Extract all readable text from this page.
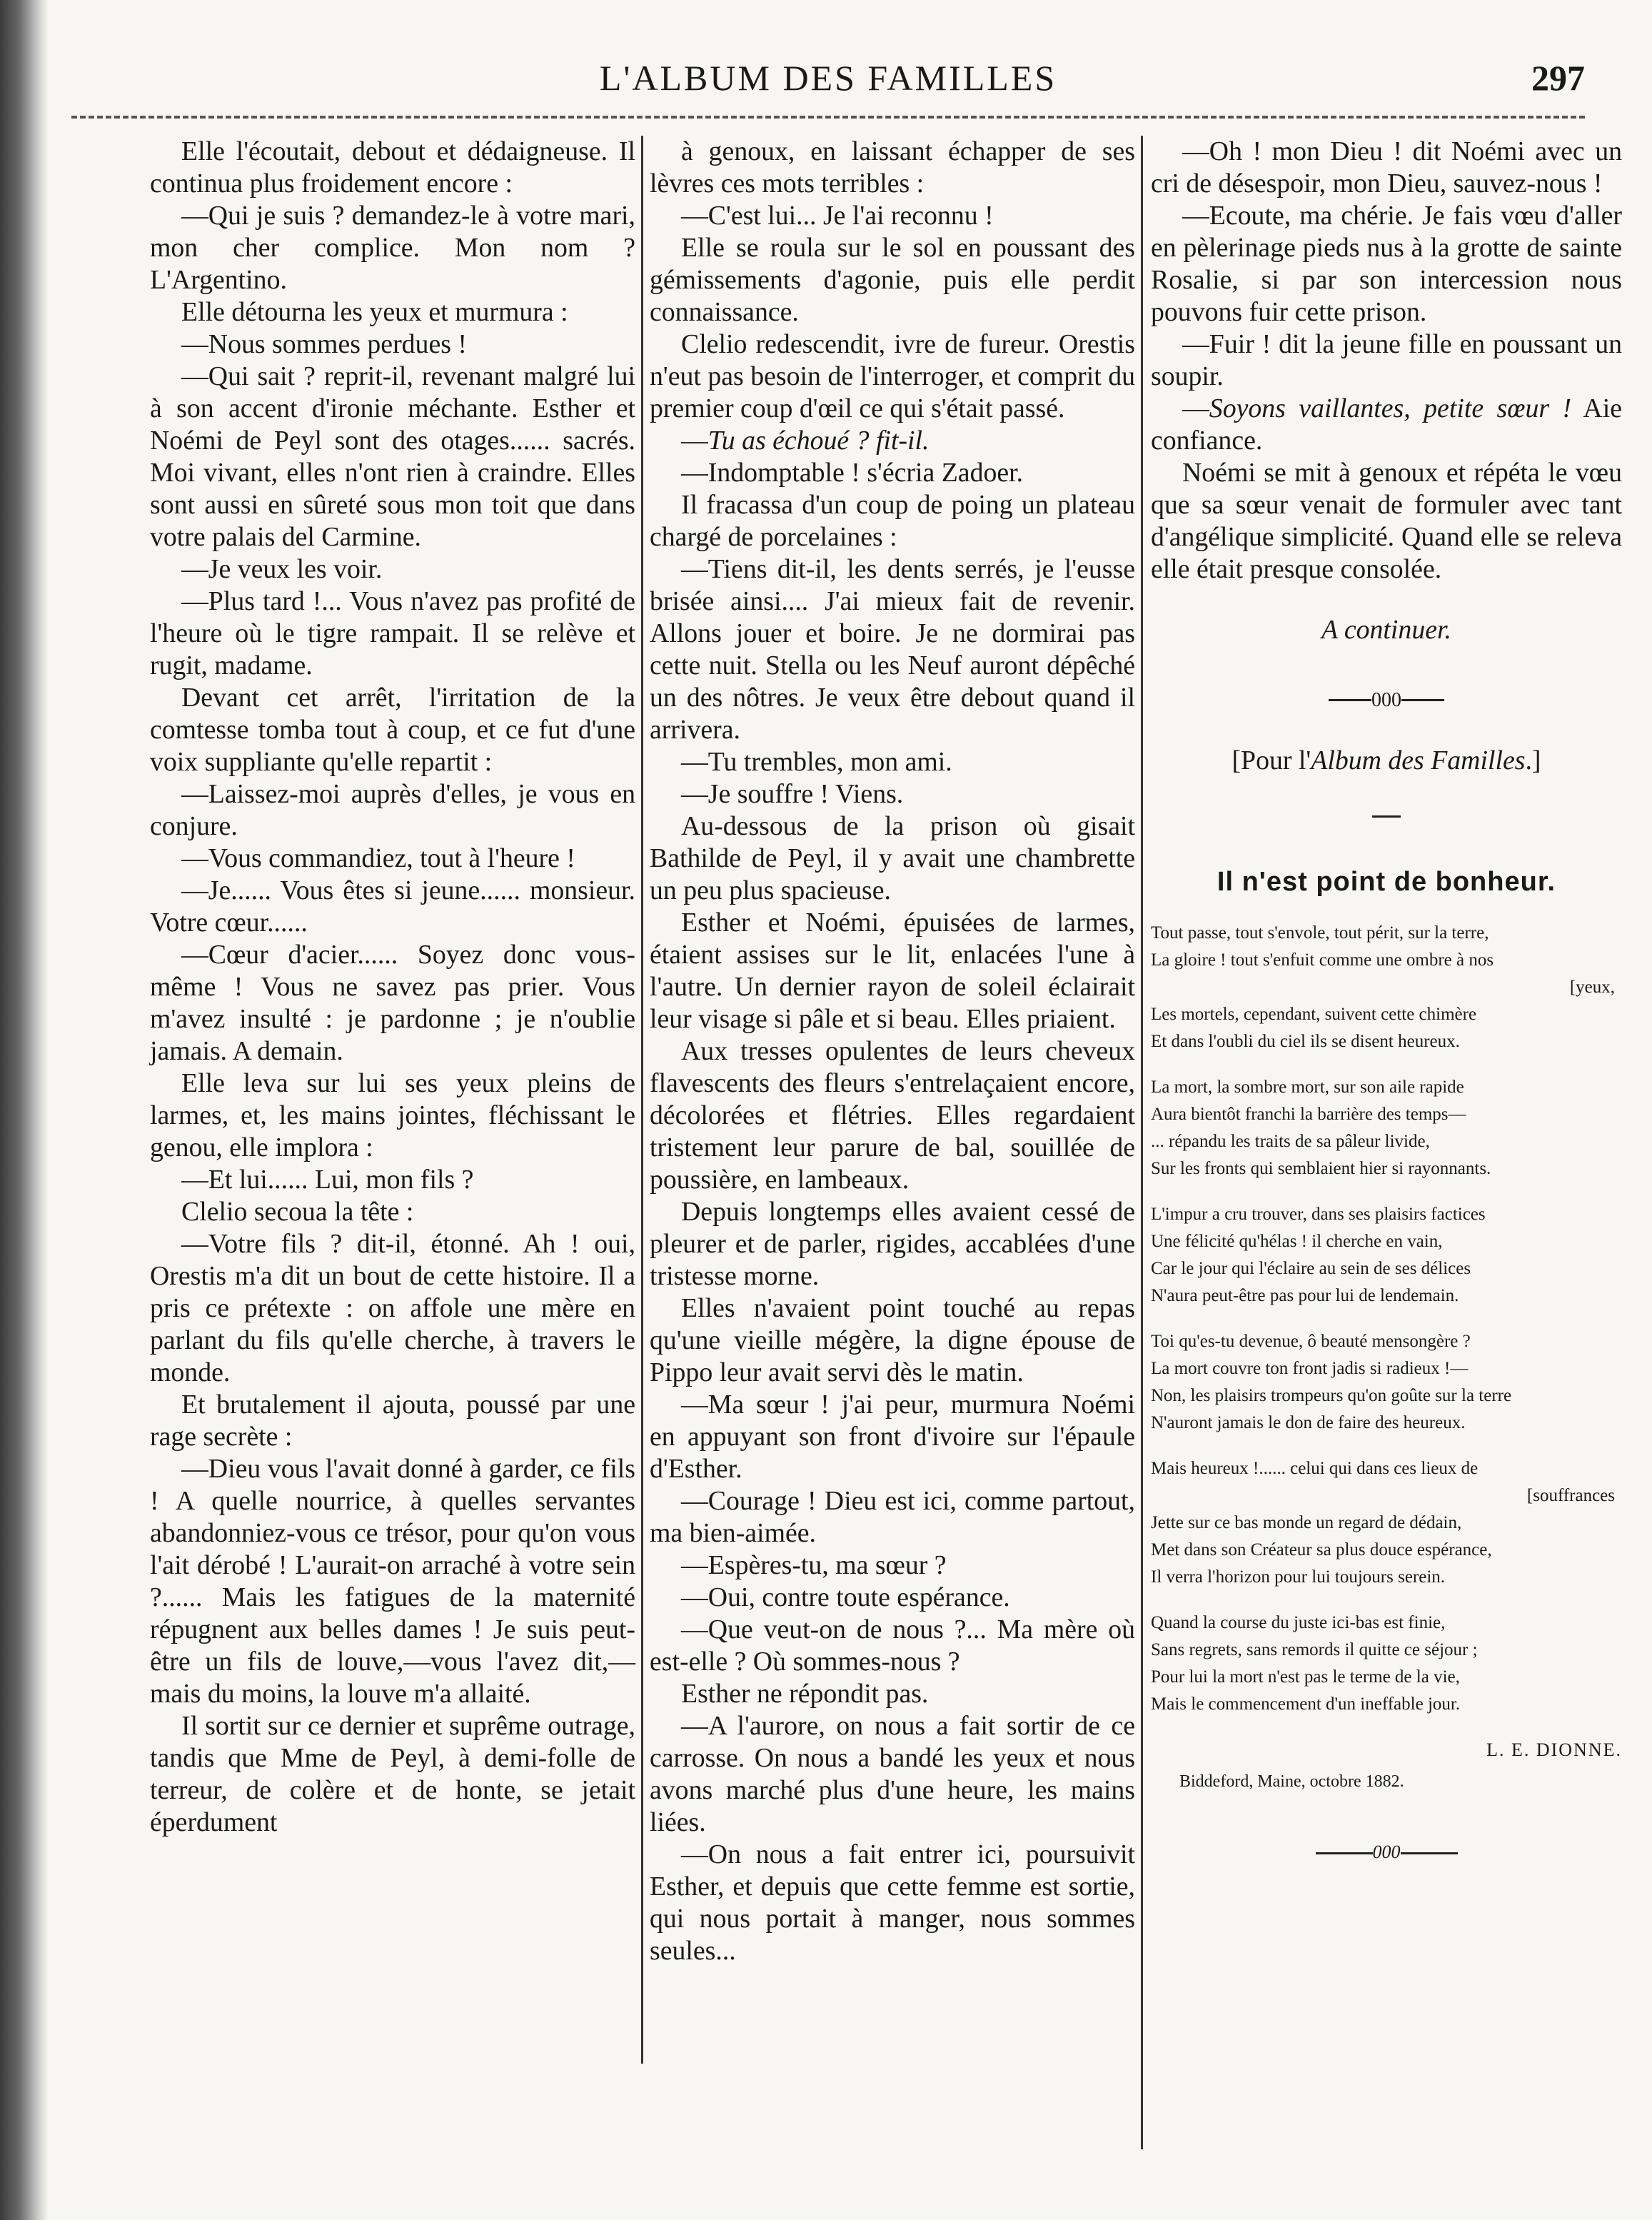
L'ALBUM DES FAMILLES	297

Elle l'écoutait, debout et dédaigneuse. Il continua plus froidement encore :

—Qui je suis ? demandez-le à votre mari, mon cher complice. Mon nom ? L'Argentino.

Elle détourna les yeux et murmura :

—Nous sommes perdues !

—Qui sait ? reprit-il, revenant malgré lui à son accent d'ironie méchante. Esther et Noémi de Peyl sont des otages...... sacrés. Moi vivant, elles n'ont rien à craindre. Elles sont aussi en sûreté sous mon toit que dans votre palais del Carmine.

—Je veux les voir.

—Plus tard !... Vous n'avez pas profité de l'heure où le tigre rampait. Il se relève et rugit, madame.

Devant cet arrêt, l'irritation de la comtesse tomba tout à coup, et ce fut d'une voix suppliante qu'elle repartit :

—Laissez-moi auprès d'elles, je vous en conjure.

—Vous commandiez, tout à l'heure !

—Je...... Vous êtes si jeune...... monsieur. Votre cœur......

—Cœur d'acier...... Soyez donc vous-même ! Vous ne savez pas prier. Vous m'avez insulté : je pardonne ; je n'oublie jamais. A demain.

Elle leva sur lui ses yeux pleins de larmes, et, les mains jointes, fléchissant le genou, elle implora :

—Et lui...... Lui, mon fils ?

Clelio secoua la tête :

—Votre fils ? dit-il, étonné. Ah ! oui, Orestis m'a dit un bout de cette histoire. Il a pris ce prétexte : on affole une mère en parlant du fils qu'elle cherche, à travers le monde.

Et brutalement il ajouta, poussé par une rage secrète :

—Dieu vous l'avait donné à garder, ce fils ! A quelle nourrice, à quelles servantes abandonniez-vous ce trésor, pour qu'on vous l'ait dérobé ! L'aurait-on arraché à votre sein ?...... Mais les fatigues de la maternité répugnent aux belles dames ! Je suis peut-être un fils de louve,—vous l'avez dit,—mais du moins, la louve m'a allaité.

Il sortit sur ce dernier et suprême outrage, tandis que Mme de Peyl, à demi-folle de terreur, de colère et de honte, se jetait éperdument

à genoux, en laissant échapper de ses lèvres ces mots terribles :

—C'est lui... Je l'ai reconnu !

Elle se roula sur le sol en poussant des gémissements d'agonie, puis elle perdit connaissance.

Clelio redescendit, ivre de fureur. Orestis n'eut pas besoin de l'interroger, et comprit du premier coup d'œil ce qui s'était passé.

—Tu as échoué ? fit-il.

—Indomptable ! s'écria Zadoer.

Il fracassa d'un coup de poing un plateau chargé de porcelaines :

—Tiens dit-il, les dents serrés, je l'eusse brisée ainsi.... J'ai mieux fait de revenir. Allons jouer et boire. Je ne dormirai pas cette nuit. Stella ou les Neuf auront dépêché un des nôtres. Je veux être debout quand il arrivera.

—Tu trembles, mon ami.

—Je souffre ! Viens.

Au-dessous de la prison où gisait Bathilde de Peyl, il y avait une chambrette un peu plus spacieuse.

Esther et Noémi, épuisées de larmes, étaient assises sur le lit, enlacées l'une à l'autre. Un dernier rayon de soleil éclairait leur visage si pâle et si beau. Elles priaient.

Aux tresses opulentes de leurs cheveux flavescents des fleurs s'entrelaçaient encore, décolorées et flétries. Elles regardaient tristement leur parure de bal, souillée de poussière, en lambeaux.

Depuis longtemps elles avaient cessé de pleurer et de parler, rigides, accablées d'une tristesse morne.

Elles n'avaient point touché au repas qu'une vieille mégère, la digne épouse de Pippo leur avait servi dès le matin.

—Ma sœur ! j'ai peur, murmura Noémi en appuyant son front d'ivoire sur l'épaule d'Esther.

—Courage ! Dieu est ici, comme partout, ma bien-aimée.

—Espères-tu, ma sœur ?

—Oui, contre toute espérance.

—Que veut-on de nous ?... Ma mère où est-elle ? Où sommes-nous ?

Esther ne répondit pas.

—A l'aurore, on nous a fait sortir de ce carrosse. On nous a bandé les yeux et nous avons marché plus d'une heure, les mains liées.

—On nous a fait entrer ici, poursuivit Esther, et depuis que cette femme est sortie, qui nous portait à manger, nous sommes seules...

—Oh ! mon Dieu ! dit Noémi avec un cri de désespoir, mon Dieu, sauvez-nous !

—Ecoute, ma chérie. Je fais vœu d'aller en pèlerinage pieds nus à la grotte de sainte Rosalie, si par son intercession nous pouvons fuir cette prison.

—Fuir ! dit la jeune fille en poussant un soupir.

—Soyons vaillantes, petite sœur ! Aie confiance.

Noémi se mit à genoux et répéta le vœu que sa sœur venait de formuler avec tant d'angélique simplicité. Quand elle se releva elle était presque consolée.

A continuer.

000

[Pour l'Album des Familles.]

Il n'est point de bonheur.
Tout passe, tout s'envole, tout périt, sur la terre,
La gloire ! tout s'enfuit comme une ombre à nos
[yeux,
Les mortels, cependant, suivent cette chimère
Et dans l'oubli du ciel ils se disent heureux.
La mort, la sombre mort, sur son aile rapide
Aura bientôt franchi la barrière des temps—
... répandu les traits de sa pâleur livide,
Sur les fronts qui semblaient hier si rayonnants.
L'impur a cru trouver, dans ses plaisirs factices
Une félicité qu'hélas ! il cherche en vain,
Car le jour qui l'éclaire au sein de ses délices
N'aura peut-être pas pour lui de lendemain.
Toi qu'es-tu devenue, ô beauté mensongère ?
La mort couvre ton front jadis si radieux !—
Non, les plaisirs trompeurs qu'on goûte sur la terre
N'auront jamais le don de faire des heureux.
Mais heureux !...... celui qui dans ces lieux de
[souffrances
Jette sur ce bas monde un regard de dédain,
Met dans son Créateur sa plus douce espérance,
Il verra l'horizon pour lui toujours serein.
Quand la course du juste ici-bas est finie,
Sans regrets, sans remords il quitte ce séjour ;
Pour lui la mort n'est pas le terme de la vie,
Mais le commencement d'un ineffable jour.
L. E. DIONNE.
Biddeford, Maine, octobre 1882.
000
